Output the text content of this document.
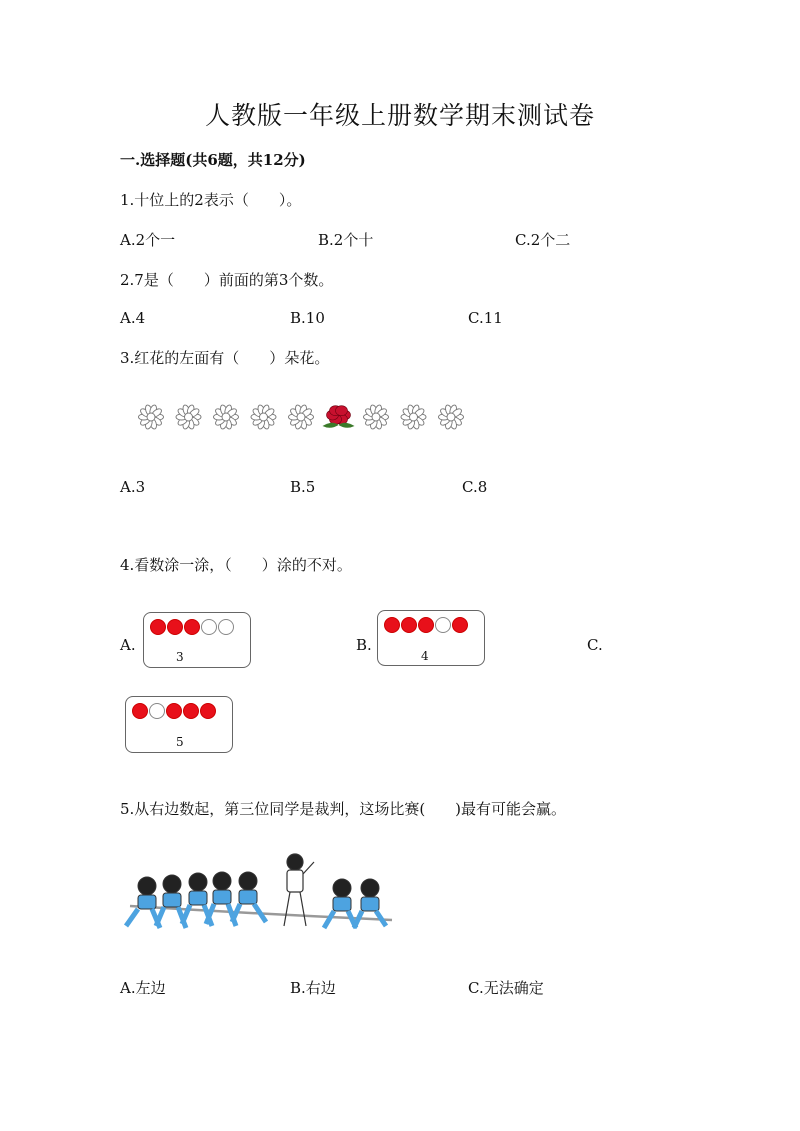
人教版一年级上册数学期末测试卷
一.选择题(共6题，共12分)
1.十位上的2表示（　　）。
A.2个一	B.2个十	C.2个二
2.7是（　　）前面的第3个数。
A.4	B.10	C.11
3.红花的左面有（　　）朵花。
A.3	B.5	C.8
4.看数涂一涂，（　　）涂的不对。
A.	B.	C.
3	4
5
5.从右边数起，第三位同学是裁判，这场比赛(　　)最有可能会赢。
A.左边	B.右边	C.无法确定
